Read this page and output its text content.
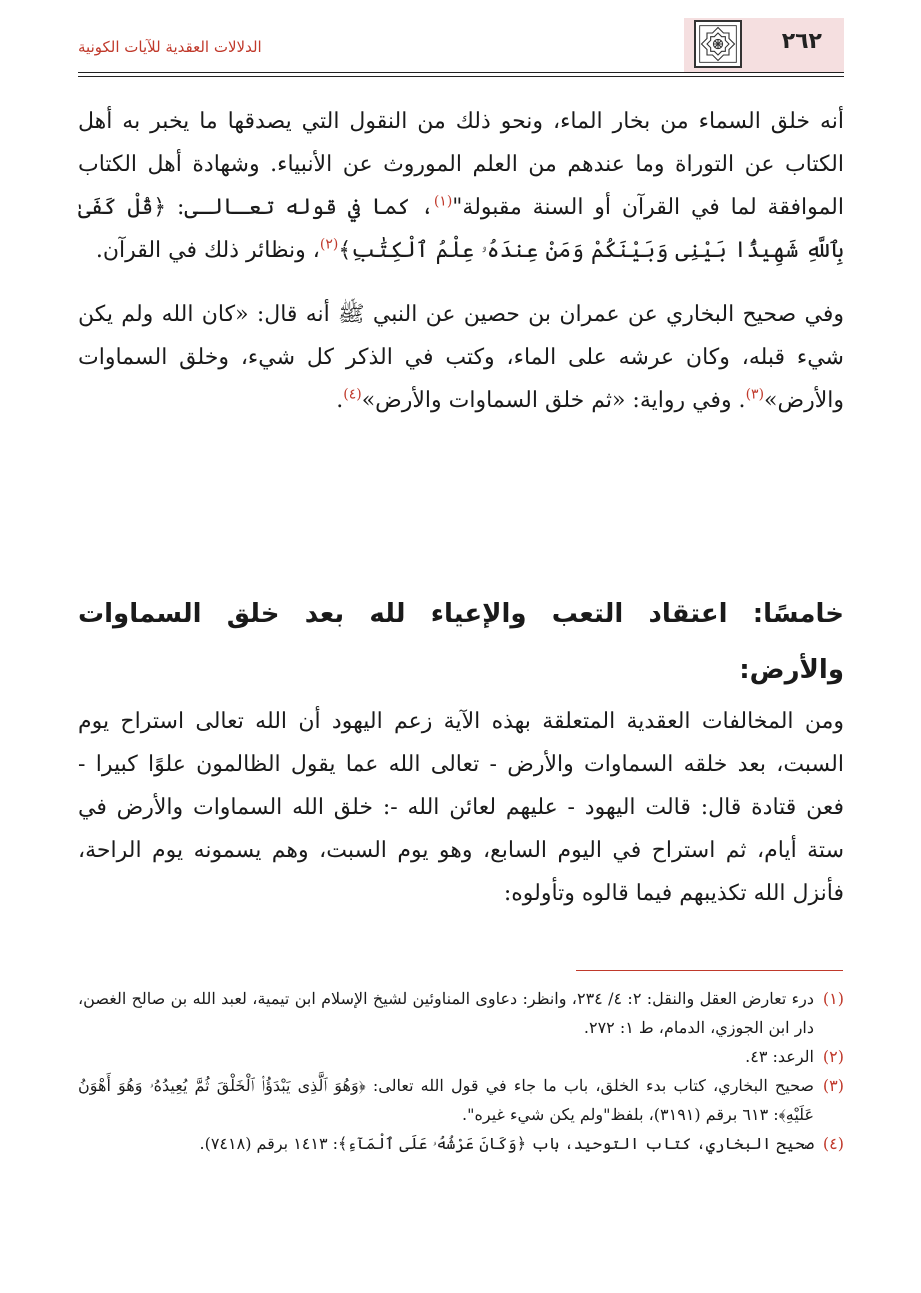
٢٦٢
الدلالات العقدية للآيات الكونية

أنه خلق السماء من بخار الماء، ونحو ذلك من النقول التي يصدقها ما يخبر به أهل الكتاب عن التوراة وما عندهم من العلم الموروث عن الأنبياء. وشهادة أهل الكتاب الموافقة لما في القرآن أو السنة مقبولة"$^{(١)}$، كما في قوله تعـالـى: ﴿قُلْ كَفَىٰ بِٱللَّهِ شَهِيدًۢا بَيْنِى وَبَيْنَكُمْ وَمَنْ عِندَهُۥ عِلْمُ ٱلْكِتَٰبِ﴾$^{(٢)}$، ونظائر ذلك في القرآن.

وفي صحيح البخاري عن عمران بن حصين عن النبي ﷺ أنه قال: «كان الله ولم يكن شيء قبله، وكان عرشه على الماء، وكتب في الذكر كل شيء، وخلق السماوات والأرض»$^{(٣)}$. وفي رواية: «ثم خلق السماوات والأرض»$^{(٤)}$.

خامسًا: اعتقاد التعب والإعياء لله بعد خلق السماوات والأرض:

ومن المخالفات العقدية المتعلقة بهذه الآية زعم اليهود أن الله تعالى استراح يوم السبت، بعد خلقه السماوات والأرض - تعالى الله عما يقول الظالمون علوًا كبيرا - فعن قتادة قال: قالت اليهود - عليهم لعائن الله -: خلق الله السماوات والأرض في ستة أيام، ثم استراح في اليوم السابع، وهو يوم السبت، وهم يسمونه يوم الراحة، فأنزل الله تكذيبهم فيما قالوه وتأولوه:

(١)
درء تعارض العقل والنقل: ٢: ٤/ ٢٣٤، وانظر: دعاوى المناوئين لشيخ الإسلام ابن تيمية، لعبد الله بن صالح الغصن، دار ابن الجوزي، الدمام، ط ١: ٢٧٢.
(٢)
الرعد: ٤٣.
(٣)
صحيح البخاري، كتاب بدء الخلق، باب ما جاء في قول الله تعالى: ﴿وَهُوَ ٱلَّذِى يَبْدَؤُا۟ ٱلْخَلْقَ ثُمَّ يُعِيدُهُۥ وَهُوَ أَهْوَنُ عَلَيْهِ﴾: ٦١٣ برقم (٣١٩١)، بلفظ"ولم يكن شيء غيره".
(٤)
صحيح البخاري، كتاب التوحيد، باب ﴿وَكَانَ عَرْشُهُۥ عَلَى ٱلْمَآءِ﴾: ١٤١٣ برقم (٧٤١٨).
